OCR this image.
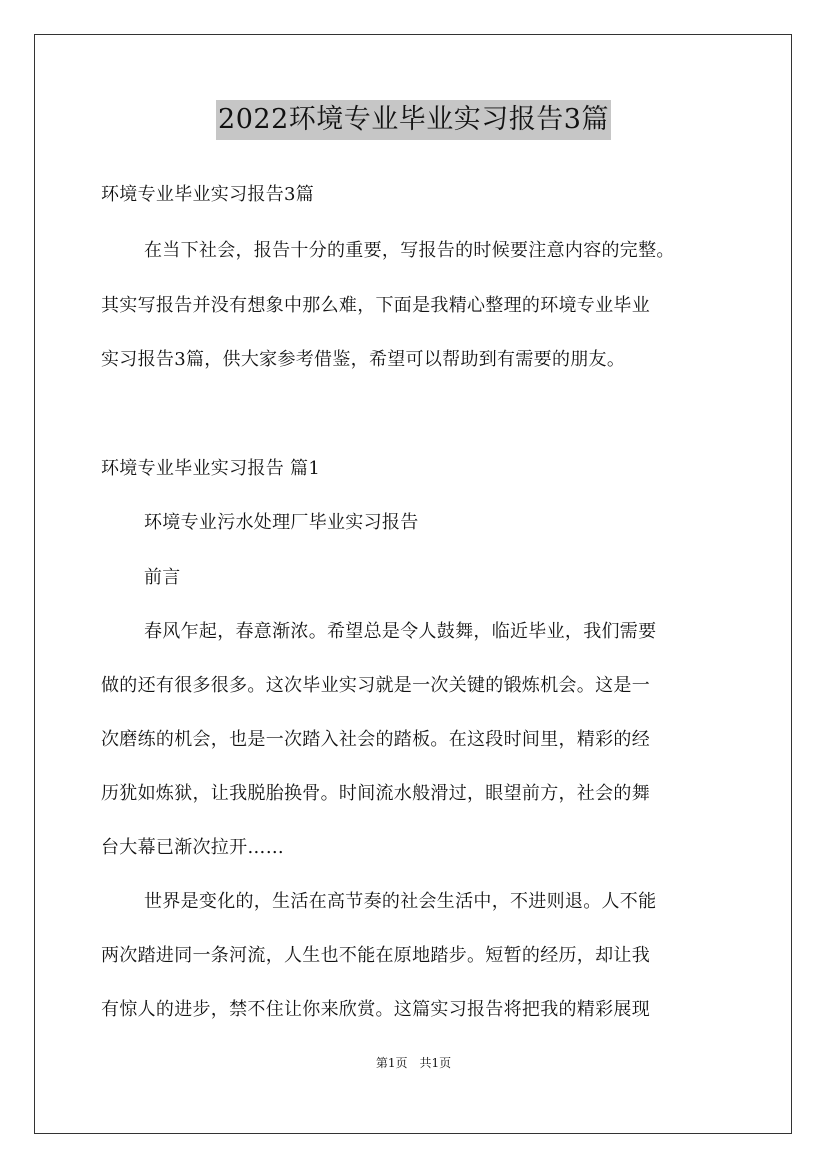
2022环境专业毕业实习报告3篇
环境专业毕业实习报告3篇
在当下社会，报告十分的重要，写报告的时候要注意内容的完整。
其实写报告并没有想象中那么难，下面是我精心整理的环境专业毕业
实习报告3篇，供大家参考借鉴，希望可以帮助到有需要的朋友。
环境专业毕业实习报告 篇1
环境专业污水处理厂毕业实习报告
前言
春风乍起，春意渐浓。希望总是令人鼓舞，临近毕业，我们需要
做的还有很多很多。这次毕业实习就是一次关键的锻炼机会。这是一
次磨练的机会，也是一次踏入社会的踏板。在这段时间里，精彩的经
历犹如炼狱，让我脱胎换骨。时间流水般滑过，眼望前方，社会的舞
台大幕已渐次拉开……
世界是变化的，生活在高节奏的社会生活中，不进则退。人不能
两次踏进同一条河流，人生也不能在原地踏步。短暂的经历，却让我
有惊人的进步，禁不住让你来欣赏。这篇实习报告将把我的精彩展现
第1页　共1页
